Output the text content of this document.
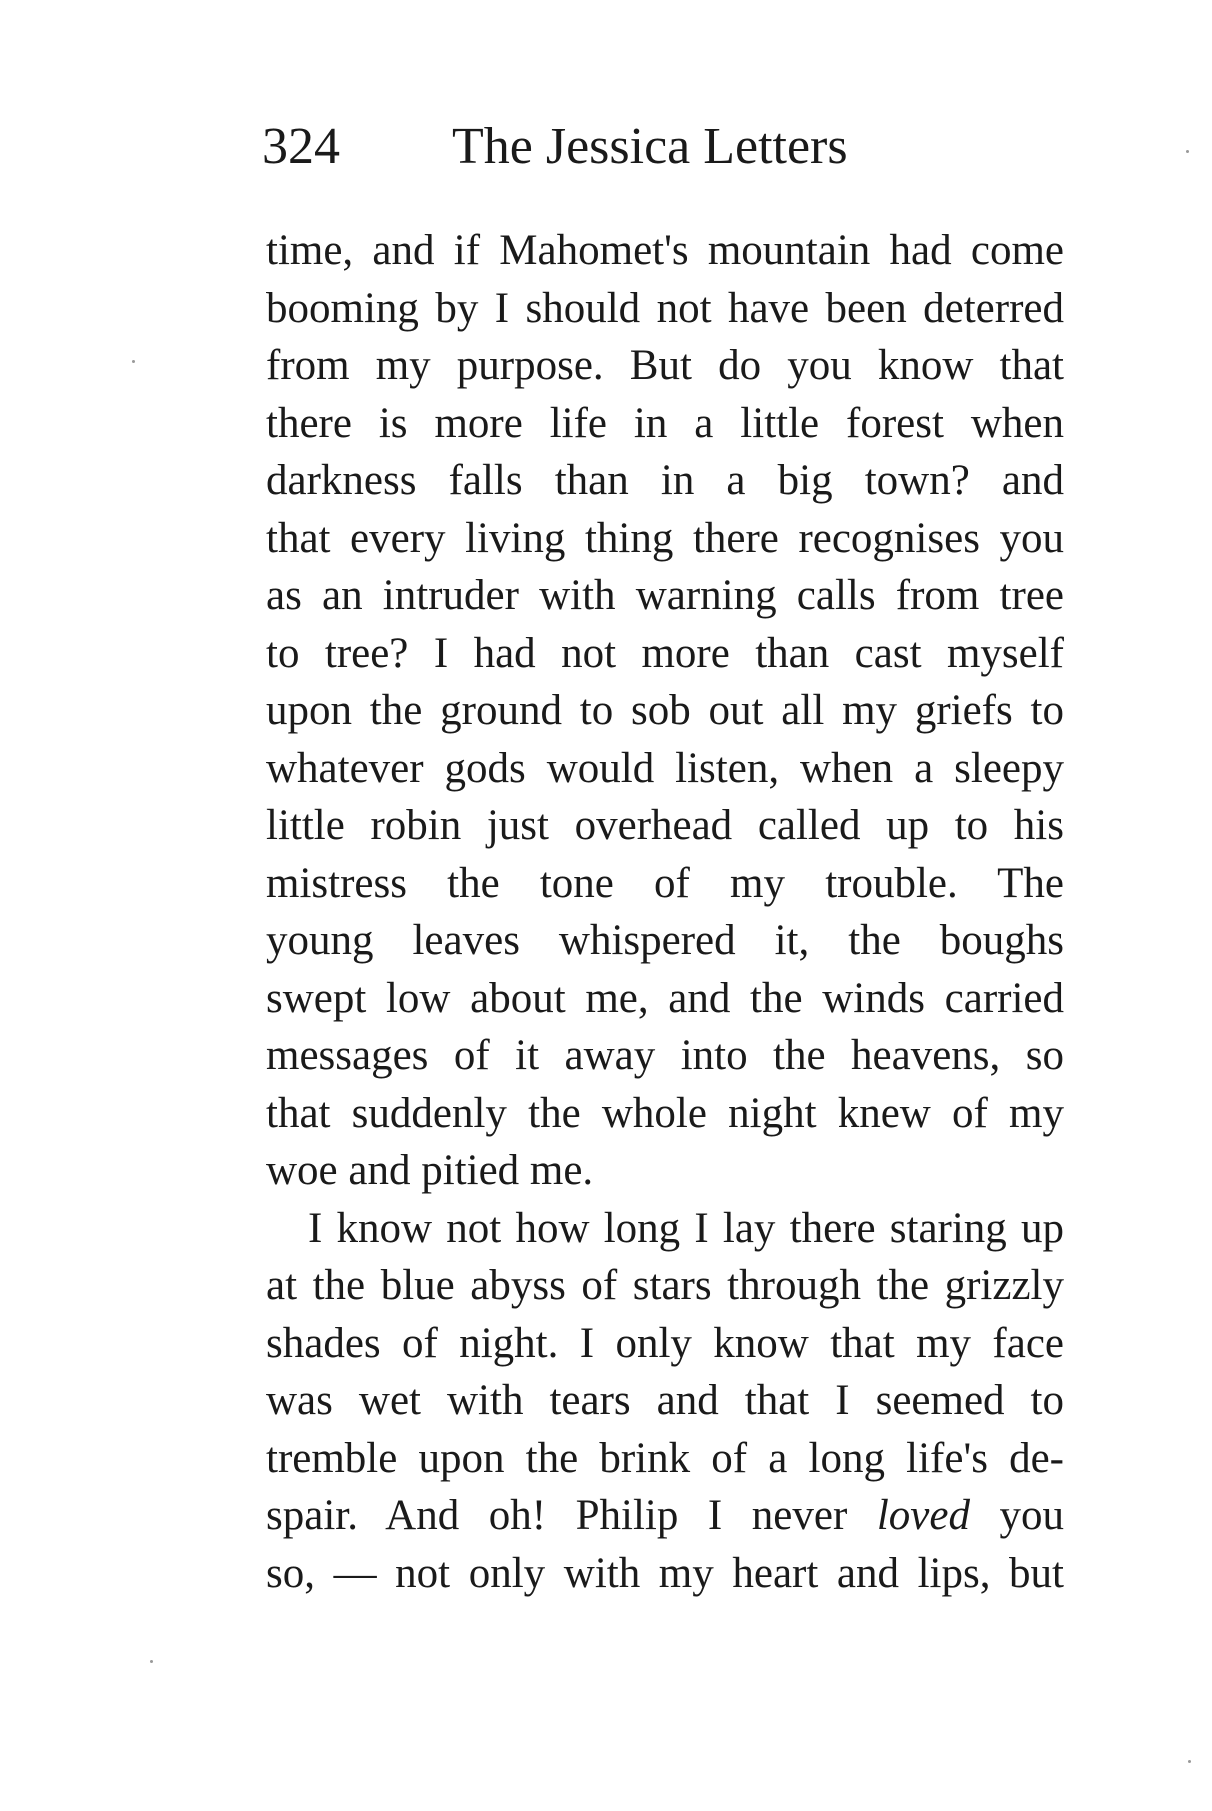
324 The Jessica Letters
time, and if Mahomet's mountain had come
booming by I should not have been deterred
from my purpose. But do you know that
there is more life in a little forest when
darkness falls than in a big town? and
that every living thing there recognises you
as an intruder with warning calls from tree
to tree? I had not more than cast myself
upon the ground to sob out all my griefs to
whatever gods would listen, when a sleepy
little robin just overhead called up to his
mistress the tone of my trouble. The
young leaves whispered it, the boughs
swept low about me, and the winds carried
messages of it away into the heavens, so
that suddenly the whole night knew of my
woe and pitied me.
I know not how long I lay there staring up
at the blue abyss of stars through the grizzly
shades of night. I only know that my face
was wet with tears and that I seemed to
tremble upon the brink of a long life's de-
spair. And oh! Philip I never loved you
so, — not only with my heart and lips, but
